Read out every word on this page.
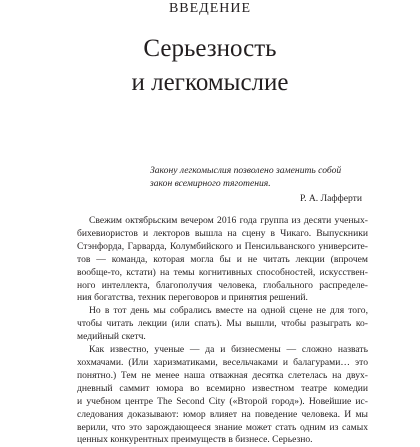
ВВЕДЕНИЕ
Серьезность
и легкомыслие
Закону легкомыслия позволено заменить собой
закон всемирного тяготения.
Р. А. Лафферти
Свежим октябрьским вечером 2016 года группа из десяти ученых-
бихевиористов и лекторов вышла на сцену в Чикаго. Выпускники
Стэнфорда, Гарварда, Колумбийского и Пенсильванского университе-
тов — команда, которая могла бы и не читать лекции (впрочем
вообще-то, кстати) на темы когнитивных способностей, искусствен-
ного интеллекта, благополучия человека, глобального распределе-
ния богатства, техник переговоров и принятия решений.
Но в тот день мы собрались вместе на одной сцене не для того,
чтобы читать лекции (или спать). Мы вышли, чтобы разыграть ко-
медийный скетч.
Как известно, ученые — да и бизнесмены — сложно назвать
хохмачами. (Или харизматиками, весельчаками и балагурами… это
понятно.) Тем не менее наша отважная десятка слетелась на двух-
дневный саммит юмора во всемирно известном театре комедии
и учебном центре The Second City («Второй город»). Новейшие ис-
следования доказывают: юмор влияет на поведение человека. И мы
верили, что это зарождающееся знание может стать одним из самых
ценных конкурентных преимуществ в бизнесе. Серьезно.
